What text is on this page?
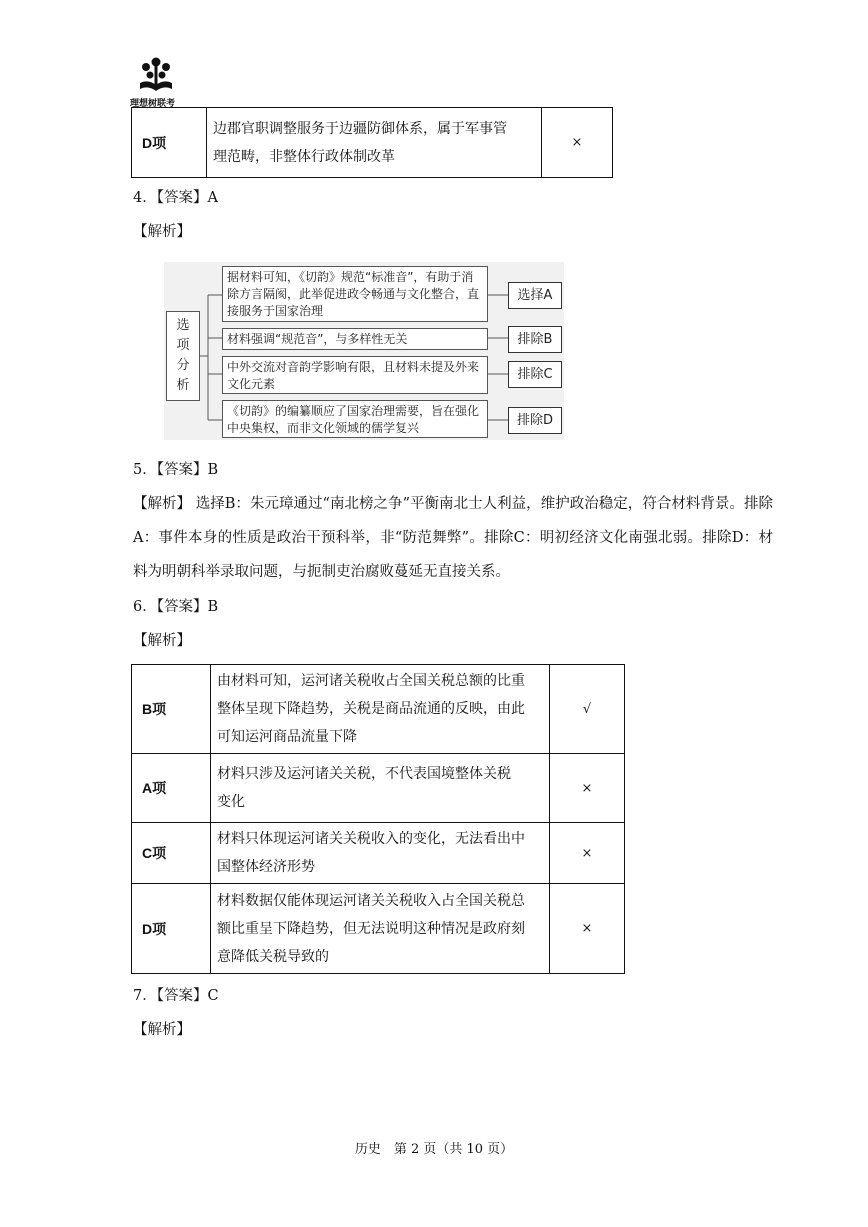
理想树联考
D项	
边郡官职调整服务于边疆防御体系，属于军事管
理范畴，非整体行政体制改革
	×
4．【答案】A
【解析】
选
项
分
析
据材料可知，《切韵》规范“标准音”，有助于消除方言隔阂，此举促进政令畅通与文化整合，直接服务于国家治理
选择A
材料强调“规范音”，与多样性无关	排除B
中外交流对音韵学影响有限，且材料未提及外来文化元素
排除C
《切韵》的编纂顺应了国家治理需要，旨在强化中央集权，而非文化领域的儒学复兴	排除D
5．【答案】B
【解析】 选择B：朱元璋通过“南北榜之争”平衡南北士人利益，维护政治稳定，符合材料背景。排除A：事件本身的性质是政治干预科举，非“防范舞弊”。排除C：明初经济文化南强北弱。排除D：材料为明朝科举录取问题，与扼制吏治腐败蔓延无直接关系。
6．【答案】B
【解析】
B项	由材料可知，运河诸关税收占全国关税总额的比重
整体呈现下降趋势，关税是商品流通的反映，由此
可知运河商品流量下降	√
A项	材料只涉及运河诸关关税，不代表国境整体关税
变化	×
C项	材料只体现运河诸关关税收入的变化，无法看出中
国整体经济形势	×
D项	材料数据仅能体现运河诸关关税收入占全国关税总
额比重呈下降趋势，但无法说明这种情况是政府刻
意降低关税导致的	×
7．【答案】C
【解析】
历史　第 2 页（共 10 页）
